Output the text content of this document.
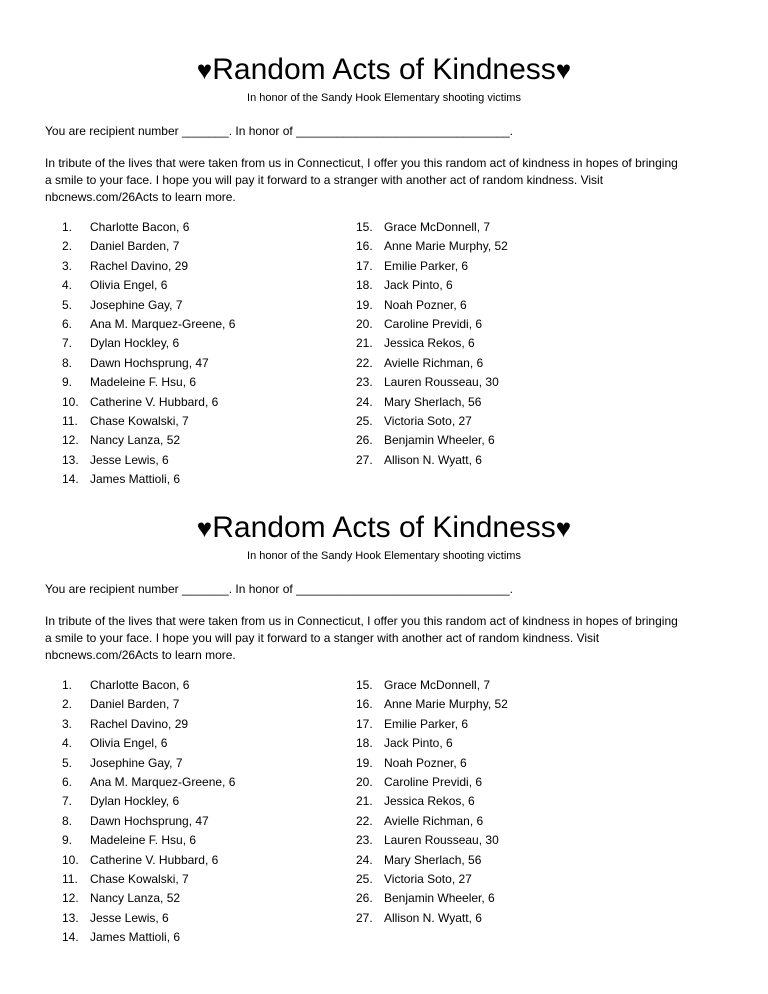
♥Random Acts of Kindness♥
In honor of the Sandy Hook Elementary shooting victims
You are recipient number _______. In honor of ________________________________.
In tribute of the lives that were taken from us in Connecticut, I offer you this random act of kindness in hopes of bringing
a smile to your face. I hope you will pay it forward to a stranger with another act of random kindness. Visit
nbcnews.com/26Acts to learn more.
1. Charlotte Bacon, 6
2. Daniel Barden, 7
3. Rachel Davino, 29
4. Olivia Engel, 6
5. Josephine Gay, 7
6. Ana M. Marquez-Greene, 6
7. Dylan Hockley, 6
8. Dawn Hochsprung, 47
9. Madeleine F. Hsu, 6
10. Catherine V. Hubbard, 6
11. Chase Kowalski, 7
12. Nancy Lanza, 52
13. Jesse Lewis, 6
14. James Mattioli, 6
15. Grace McDonnell, 7
16. Anne Marie Murphy, 52
17. Emilie Parker, 6
18. Jack Pinto, 6
19. Noah Pozner, 6
20. Caroline Previdi, 6
21. Jessica Rekos, 6
22. Avielle Richman, 6
23. Lauren Rousseau, 30
24. Mary Sherlach, 56
25. Victoria Soto, 27
26. Benjamin Wheeler, 6
27. Allison N. Wyatt, 6
♥Random Acts of Kindness♥
In honor of the Sandy Hook Elementary shooting victims
You are recipient number _______. In honor of ________________________________.
In tribute of the lives that were taken from us in Connecticut, I offer you this random act of kindness in hopes of bringing
a smile to your face. I hope you will pay it forward to a stanger with another act of random kindness. Visit
nbcnews.com/26Acts to learn more.
1. Charlotte Bacon, 6
2. Daniel Barden, 7
3. Rachel Davino, 29
4. Olivia Engel, 6
5. Josephine Gay, 7
6. Ana M. Marquez-Greene, 6
7. Dylan Hockley, 6
8. Dawn Hochsprung, 47
9. Madeleine F. Hsu, 6
10. Catherine V. Hubbard, 6
11. Chase Kowalski, 7
12. Nancy Lanza, 52
13. Jesse Lewis, 6
14. James Mattioli, 6
15. Grace McDonnell, 7
16. Anne Marie Murphy, 52
17. Emilie Parker, 6
18. Jack Pinto, 6
19. Noah Pozner, 6
20. Caroline Previdi, 6
21. Jessica Rekos, 6
22. Avielle Richman, 6
23. Lauren Rousseau, 30
24. Mary Sherlach, 56
25. Victoria Soto, 27
26. Benjamin Wheeler, 6
27. Allison N. Wyatt, 6
